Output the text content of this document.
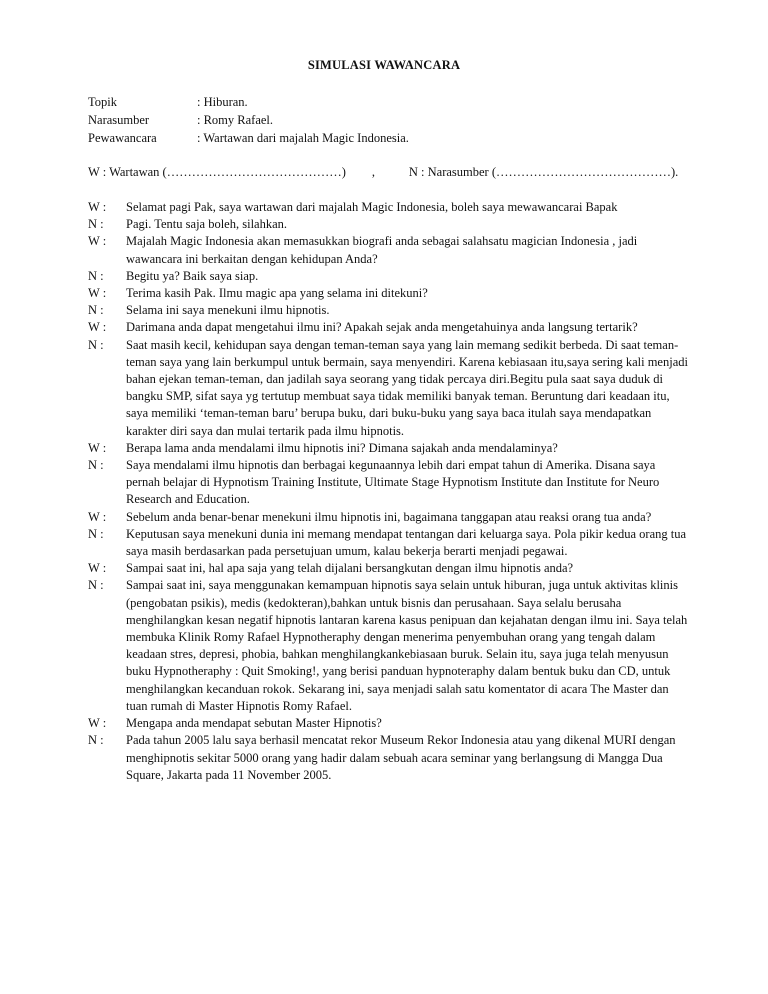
SIMULASI WAWANCARA
Topik	: Hiburan.
Narasumber	: Romy Rafael.
Pewawancara	: Wartawan dari majalah Magic Indonesia.
W : Wartawan (……………………………………) ,	N : Narasumber (……………………………………).
W :	Selamat pagi Pak, saya wartawan dari majalah Magic Indonesia, boleh saya mewawancarai Bapak
N :	Pagi. Tentu saja boleh, silahkan.
W :	Majalah Magic Indonesia akan memasukkan biografi anda sebagai salahsatu magician Indonesia , jadi wawancara ini berkaitan dengan kehidupan Anda?
N :	Begitu ya? Baik saya siap.
W :	Terima kasih Pak. Ilmu magic apa yang selama ini ditekuni?
N :	Selama ini saya menekuni ilmu hipnotis.
W :	Darimana anda dapat mengetahui ilmu ini? Apakah sejak anda mengetahuinya anda langsung tertarik?
N :	Saat masih kecil, kehidupan saya dengan teman-teman saya yang lain memang sedikit berbeda. Di saat teman-teman saya yang lain berkumpul untuk bermain, saya menyendiri. Karena kebiasaan itu,saya sering kali menjadi bahan ejekan teman-teman, dan jadilah saya seorang yang tidak percaya diri.Begitu pula saat saya duduk di bangku SMP, sifat saya yg tertutup membuat saya tidak memiliki banyak teman. Beruntung dari keadaan itu, saya memiliki ‘teman-teman baru’ berupa buku, dari buku-buku yang saya baca itulah saya mendapatkan karakter diri saya dan mulai tertarik pada ilmu hipnotis.
W :	Berapa lama anda mendalami ilmu hipnotis ini? Dimana sajakah anda mendalaminya?
N :	Saya mendalami ilmu hipnotis dan berbagai kegunaannya lebih dari empat tahun di Amerika. Disana saya pernah belajar di Hypnotism Training Institute, Ultimate Stage Hypnotism Institute dan Institute for Neuro Research and Education.
W :	Sebelum anda benar-benar menekuni ilmu hipnotis ini, bagaimana tanggapan atau reaksi orang tua anda?
N :	Keputusan saya menekuni dunia ini memang mendapat tentangan dari keluarga saya. Pola pikir kedua orang tua saya masih berdasarkan pada persetujuan umum, kalau bekerja berarti menjadi pegawai.
W :	Sampai saat ini, hal apa saja yang telah dijalani bersangkutan dengan ilmu hipnotis anda?
N :	Sampai saat ini, saya menggunakan kemampuan hipnotis saya selain untuk hiburan, juga untuk aktivitas klinis (pengobatan psikis), medis (kedokteran),bahkan untuk bisnis dan perusahaan. Saya selalu berusaha menghilangkan kesan negatif hipnotis lantaran karena kasus penipuan dan kejahatan dengan ilmu ini. Saya telah membuka Klinik Romy Rafael Hypnotheraphy dengan menerima penyembuhan orang yang tengah dalam keadaan stres, depresi, phobia, bahkan menghilangkankebiasaan buruk. Selain itu, saya juga telah menyusun buku Hypnotheraphy : Quit Smoking!, yang berisi panduan hypnoteraphy dalam bentuk buku dan CD, untuk menghilangkan kecanduan rokok. Sekarang ini, saya menjadi salah satu komentator di acara The Master dan tuan rumah di Master Hipnotis Romy Rafael.
W :	Mengapa anda mendapat sebutan Master Hipnotis?
N :	Pada tahun 2005 lalu saya berhasil mencatat rekor Museum Rekor Indonesia atau yang dikenal MURI dengan menghipnotis sekitar 5000 orang yang hadir dalam sebuah acara seminar yang berlangsung di Mangga Dua Square, Jakarta pada 11 November 2005.
